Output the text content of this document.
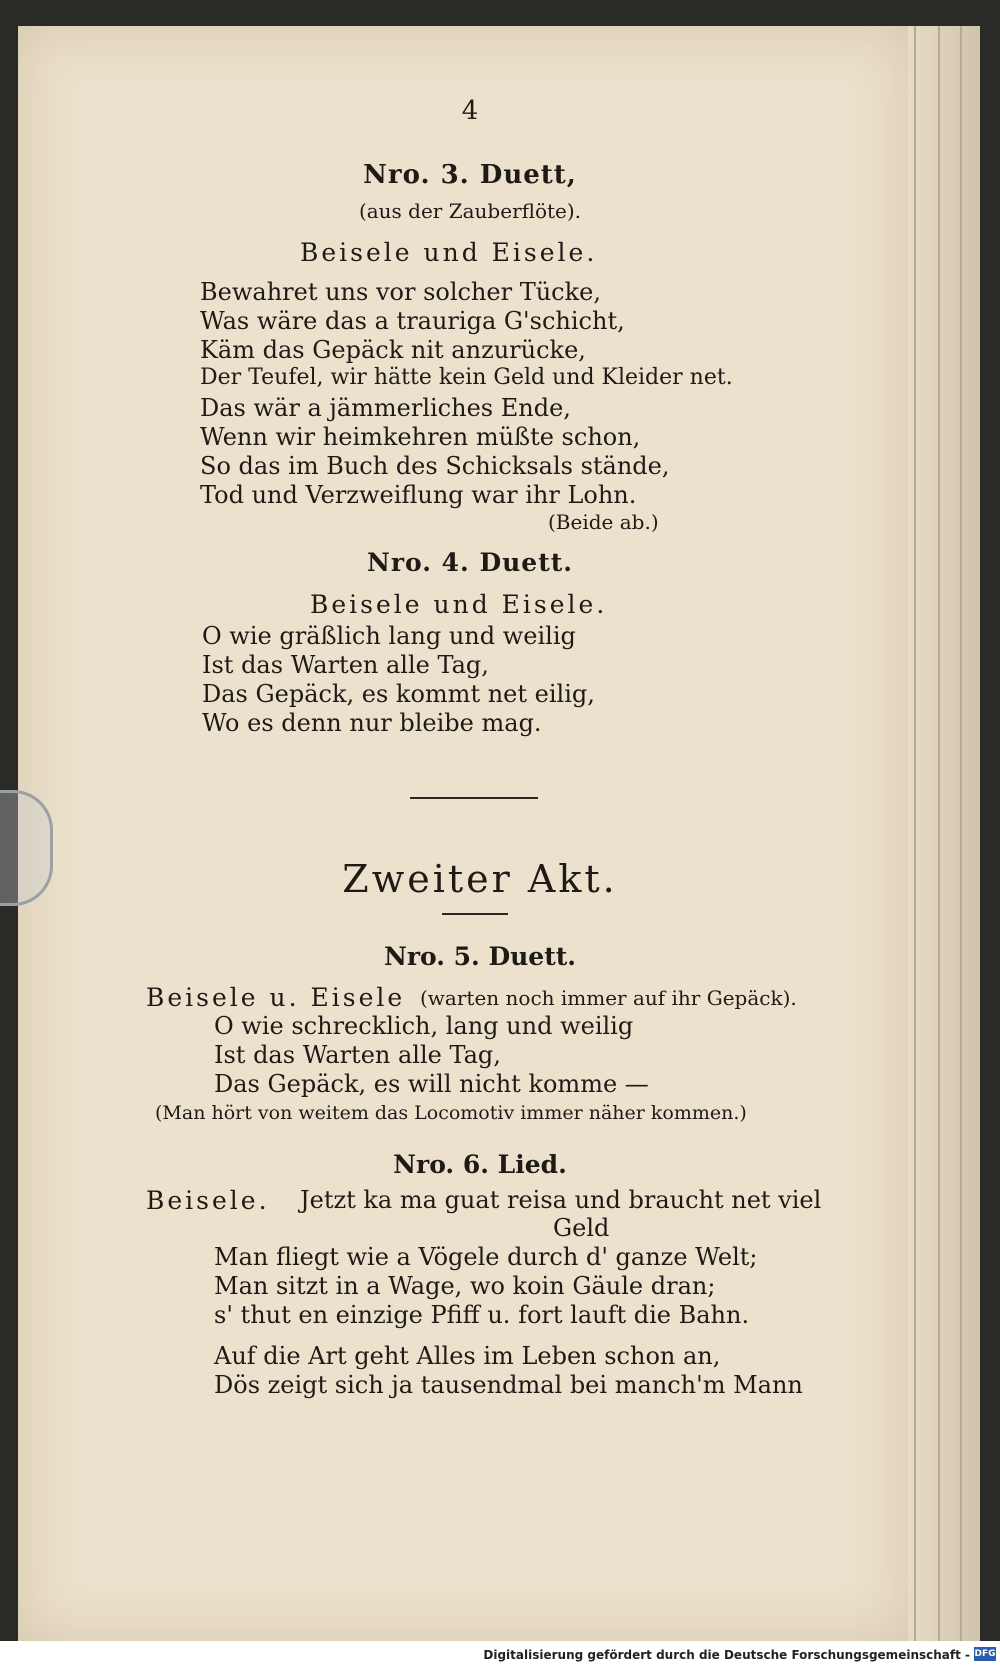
4
Nro. 3. Duett,
(aus der Zauberflöte).
Beisele und Eisele.
Bewahret uns vor solcher Tücke,
Was wäre das a trauriga G'schicht,
Käm das Gepäck nit anzurücke,
Der Teufel, wir hätte kein Geld und Kleider net.
Das wär a jämmerliches Ende,
Wenn wir heimkehren müßte schon,
So das im Buch des Schicksals stände,
Tod und Verzweiflung war ihr Lohn.
(Beide ab.)
Nro. 4. Duett.
Beisele und Eisele.
O wie gräßlich lang und weilig
Ist das Warten alle Tag,
Das Gepäck, es kommt net eilig,
Wo es denn nur bleibe mag.
Zweiter Akt.
Nro. 5. Duett.
Beisele u. Eisele (warten noch immer auf ihr Gepäck).
O wie schrecklich, lang und weilig
Ist das Warten alle Tag,
Das Gepäck, es will nicht komme —
(Man hört von weitem das Locomotiv immer näher kommen.)
Nro. 6. Lied.
Beisele. Jetzt ka ma guat reisa und braucht net viel
Geld
Man fliegt wie a Vögele durch d' ganze Welt;
Man sitzt in a Wage, wo koin Gäule dran;
s' thut en einzige Pfiff u. fort lauft die Bahn.
Auf die Art geht Alles im Leben schon an,
Dös zeigt sich ja tausendmal bei manch'm Mann
Digitalisierung gefördert durch die Deutsche Forschungsgemeinschaft - DFG
